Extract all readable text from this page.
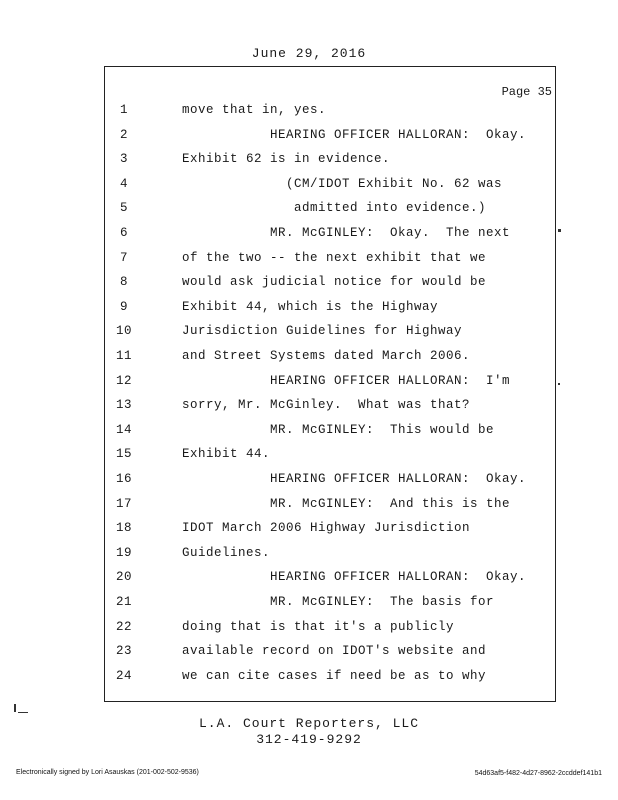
June 29, 2016
Page 35
1	move that in, yes.
2	HEARING OFFICER HALLORAN:  Okay.
3	Exhibit 62 is in evidence.
4	(CM/IDOT Exhibit No. 62 was
5	admitted into evidence.)
6	MR. McGINLEY:  Okay.  The next
7	of the two -- the next exhibit that we
8	would ask judicial notice for would be
9	Exhibit 44, which is the Highway
10	Jurisdiction Guidelines for Highway
11	and Street Systems dated March 2006.
12	HEARING OFFICER HALLORAN:  I'm
13	sorry, Mr. McGinley.  What was that?
14	MR. McGINLEY:  This would be
15	Exhibit 44.
16	HEARING OFFICER HALLORAN:  Okay.
17	MR. McGINLEY:  And this is the
18	IDOT March 2006 Highway Jurisdiction
19	Guidelines.
20	HEARING OFFICER HALLORAN:  Okay.
21	MR. McGINLEY:  The basis for
22	doing that is that it's a publicly
23	available record on IDOT's website and
24	we can cite cases if need be as to why
L.A. Court Reporters, LLC
312-419-9292
Electronically signed by Lori Asauskas (201-002-502-9536)	54d63af5-f482-4d27-8962-2ccddef141b1
